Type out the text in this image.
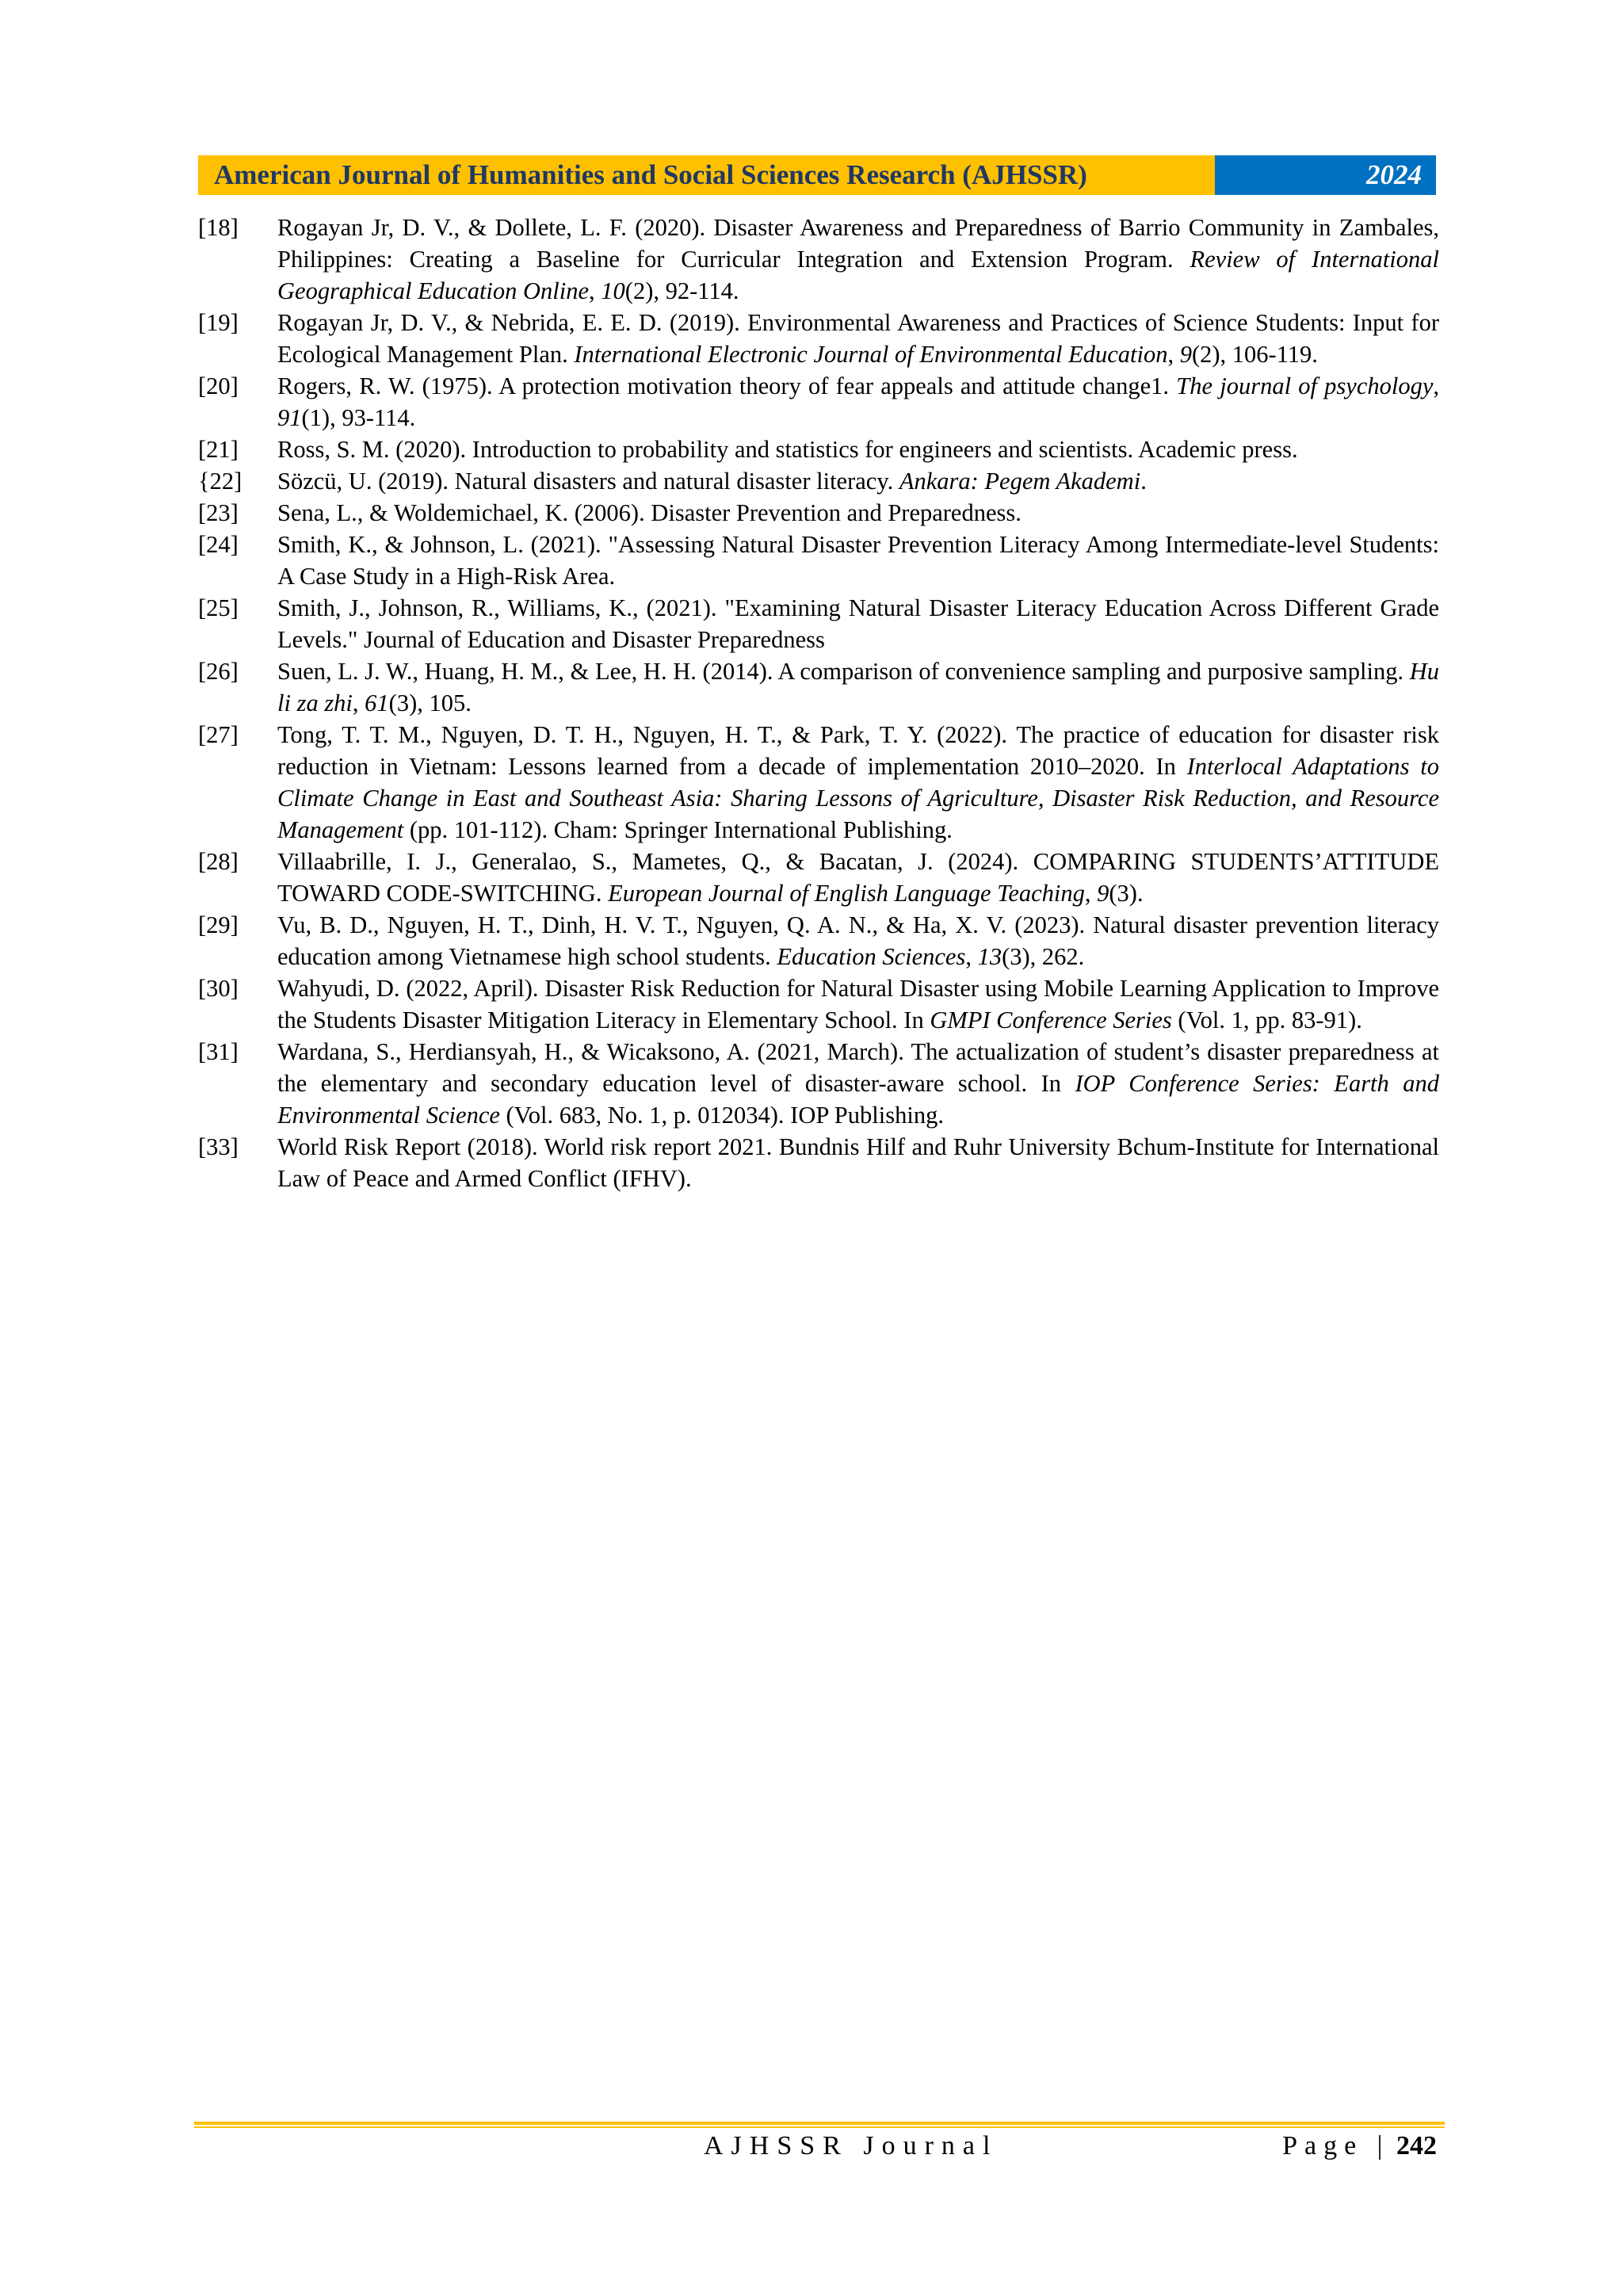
American Journal of Humanities and Social Sciences Research (AJHSSR)	2024
[18]	Rogayan Jr, D. V., & Dollete, L. F. (2020). Disaster Awareness and Preparedness of Barrio Community in Zambales, Philippines: Creating a Baseline for Curricular Integration and Extension Program. Review of International Geographical Education Online, 10(2), 92-114.
[19]	Rogayan Jr, D. V., & Nebrida, E. E. D. (2019). Environmental Awareness and Practices of Science Students: Input for Ecological Management Plan. International Electronic Journal of Environmental Education, 9(2), 106-119.
[20]	Rogers, R. W. (1975). A protection motivation theory of fear appeals and attitude change1. The journal of psychology, 91(1), 93-114.
[21]	Ross, S. M. (2020). Introduction to probability and statistics for engineers and scientists. Academic press.
{22]	Sözcü, U. (2019). Natural disasters and natural disaster literacy. Ankara: Pegem Akademi.
[23]	Sena, L., & Woldemichael, K. (2006). Disaster Prevention and Preparedness.
[24]	Smith, K., & Johnson, L. (2021). "Assessing Natural Disaster Prevention Literacy Among Intermediate-level Students: A Case Study in a High-Risk Area.
[25]	Smith, J., Johnson, R., Williams, K., (2021). "Examining Natural Disaster Literacy Education Across Different Grade Levels." Journal of Education and Disaster Preparedness
[26]	Suen, L. J. W., Huang, H. M., & Lee, H. H. (2014). A comparison of convenience sampling and purposive sampling. Hu li za zhi, 61(3), 105.
[27]	Tong, T. T. M., Nguyen, D. T. H., Nguyen, H. T., & Park, T. Y. (2022). The practice of education for disaster risk reduction in Vietnam: Lessons learned from a decade of implementation 2010–2020. In Interlocal Adaptations to Climate Change in East and Southeast Asia: Sharing Lessons of Agriculture, Disaster Risk Reduction, and Resource Management (pp. 101-112). Cham: Springer International Publishing.
[28]	Villaabrille, I. J., Generalao, S., Mametes, Q., & Bacatan, J. (2024). COMPARING STUDENTS’ATTITUDE TOWARD CODE-SWITCHING. European Journal of English Language Teaching, 9(3).
[29]	Vu, B. D., Nguyen, H. T., Dinh, H. V. T., Nguyen, Q. A. N., & Ha, X. V. (2023). Natural disaster prevention literacy education among Vietnamese high school students. Education Sciences, 13(3), 262.
[30]	Wahyudi, D. (2022, April). Disaster Risk Reduction for Natural Disaster using Mobile Learning Application to Improve the Students Disaster Mitigation Literacy in Elementary School. In GMPI Conference Series (Vol. 1, pp. 83-91).
[31]	Wardana, S., Herdiansyah, H., & Wicaksono, A. (2021, March). The actualization of student’s disaster preparedness at the elementary and secondary education level of disaster-aware school. In IOP Conference Series: Earth and Environmental Science (Vol. 683, No. 1, p. 012034). IOP Publishing.
[33]	World Risk Report (2018). World risk report 2021. Bundnis Hilf and Ruhr University Bchum-Institute for International Law of Peace and Armed Conflict (IFHV).
AJHSSR Journal	Page | 242
